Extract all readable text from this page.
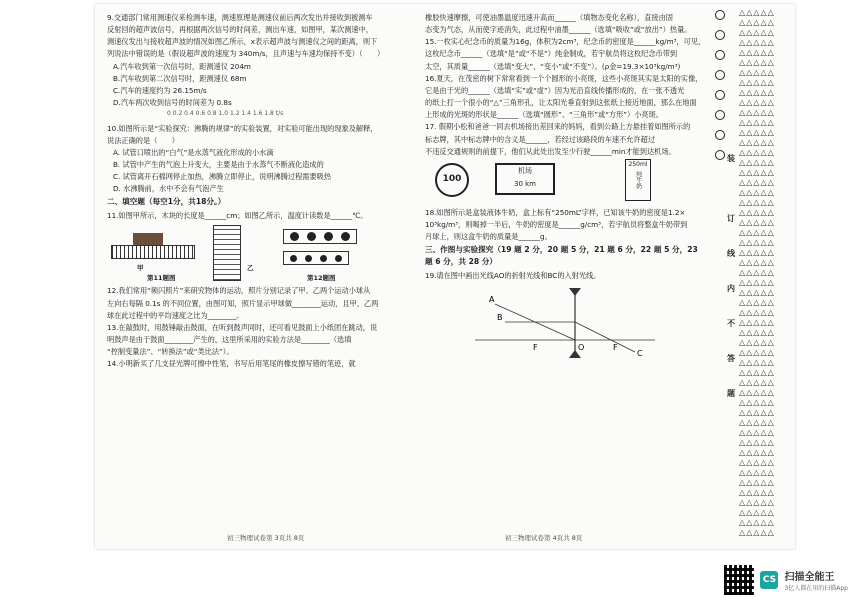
9.交通部门常用测速仪来检测车速，测速原理是测速仪前后两次发出并接收到被测车

反射回的超声波信号，再根据两次信号的时间差，测出车速，如图甲，某次测速中，

测速仪发出与接收超声波的情况如图乙所示，x表示超声波与测速仪之间的距离，则下

列说法中错误的是（假设超声波的速度为 340m/s，且声速与车速均保持不变）（　　）

A.汽车收到第一次信号时，距测速仪 204m

B.汽车收到第二次信号时，距测速仪 68m

C.汽车的速度约为 26.15m/s

D.汽车两次收到信号的时间差为 0.8s

0 0.2 0.4 0.6 0.8 1.0 1.2 1.4 1.6 1.8 t/s

10.如图所示是“实验探究：沸腾的规律”的实验装置，对实验可能出现的现象及解释，

说法正确的是（　　）

A. 试管口喷出的“白气”是水蒸气液化形成的小水滴

B. 试管中产生的气泡上升变大，主要是由于水蒸气不断液化造成的

C. 试管离开石棉网停止加热，沸腾立即停止，说明沸腾过程需要吸热

D. 水沸腾前，水中不会有气泡产生

二、填空题（每空1分，共18分。）

11.如图甲所示，木块的长度是______cm；如图乙所示，温度计读数是______℃。

甲	乙
第11题图	第12题图

12.我们常用“频闪照片”来研究物体的运动，照片分别记录了甲、乙两个运动小球从

左向右每隔 0.1s 的不同位置，由图可知，照片显示甲球做________运动，且甲、乙两

球在此过程中的平均速度之比为________。

13.在敲鼓时，用鼓锤敲击鼓面，在听到鼓声同时，还可看见鼓面上小纸团在跳动，说

明鼓声是由于鼓面________产生的，这里所采用的实验方法是________（选填

“控制变量法”、“转换法”或“类比法”）。

14.小明新买了几支昼光牌可擦中性笔，书写后用笔尾的橡皮擦写错的笔迹，就

初三物理试卷第 3页共 8页

橡胶快速摩擦，可使油墨温度迅速升高而______（填物态变化名称），直接由固

态变为气态，从而使字迹消失，此过程中油墨______（选填“吸收”或“放出”）热量。

15.一枚实心纪念币的质量为16g，体积为2cm³，纪念币的密度是______kg/m³，可见，

这枚纪念币______（选填“是”或“不是”）纯金制成，若宇航员将这枚纪念币带到

太空，其质量______（选填“变大”、“变小”或“不变”）。(ρ金=19.3×10³kg/m³)

16.夏天，在茂密的树下常常看到一个个圆形的小亮斑，这些小亮斑其实是太阳的实像，

它是由于光的______（选填“实”或“虚”）因为光沿直线传播形成的，在一张不透光

的纸上打一个很小的“△”三角形孔，让太阳光垂直射到这张纸上接近地面，那么在地面

上形成的光斑的形状是______（选填“圆形”、“三角形”或“方形”）小亮斑。

17. 假期小松和爸爸一同去机场接出差回来的妈妈，看到公路上方悬挂着如图所示的

标志牌，其中标志牌中的含义是______，若经过该路段的车速不允许超过

不违反交通规则的前提下，他们从此处出发至少行驶______min才能到达机场。

100
机场
30 km
250ml
纯牛奶

18.如图所示是盒装液体牛奶，盒上标有“250mL”字样，已知该牛奶的密度是1.2×

10³kg/m³，则喝掉一半后，牛奶的密度是______g/cm³，若宇航员将整盒牛奶带到

月球上，则这盒牛奶的质量是______g。

三、作图与实验探究（19 题 2 分，20 题 5 分，21 题 6 分，22 题 5 分，23
题 6 分，共 28 分）

19.请在图中画出光线AO的折射光线和BC的入射光线。

A
B
O
F	F
C
初三物理试卷第 4页共 8页
装
订
线
内
不
答
题
△△△△△
△△△△△
△△△△△
△△△△△
△△△△△
△△△△△
△△△△△
△△△△△
△△△△△
△△△△△
△△△△△
△△△△△
△△△△△
△△△△△
△△△△△
△△△△△
△△△△△
△△△△△
△△△△△
△△△△△
△△△△△
△△△△△
△△△△△
△△△△△
△△△△△
△△△△△
△△△△△
△△△△△
△△△△△
△△△△△
△△△△△
△△△△△
△△△△△
△△△△△
△△△△△
△△△△△
△△△△△
△△△△△
△△△△△
△△△△△
△△△△△
△△△△△
△△△△△
△△△△△
△△△△△
△△△△△
△△△△△
△△△△△
△△△△△
△△△△△
△△△△△
△△△△△
△△△△△
CS 扫描全能王
3亿人都在用的扫描App
